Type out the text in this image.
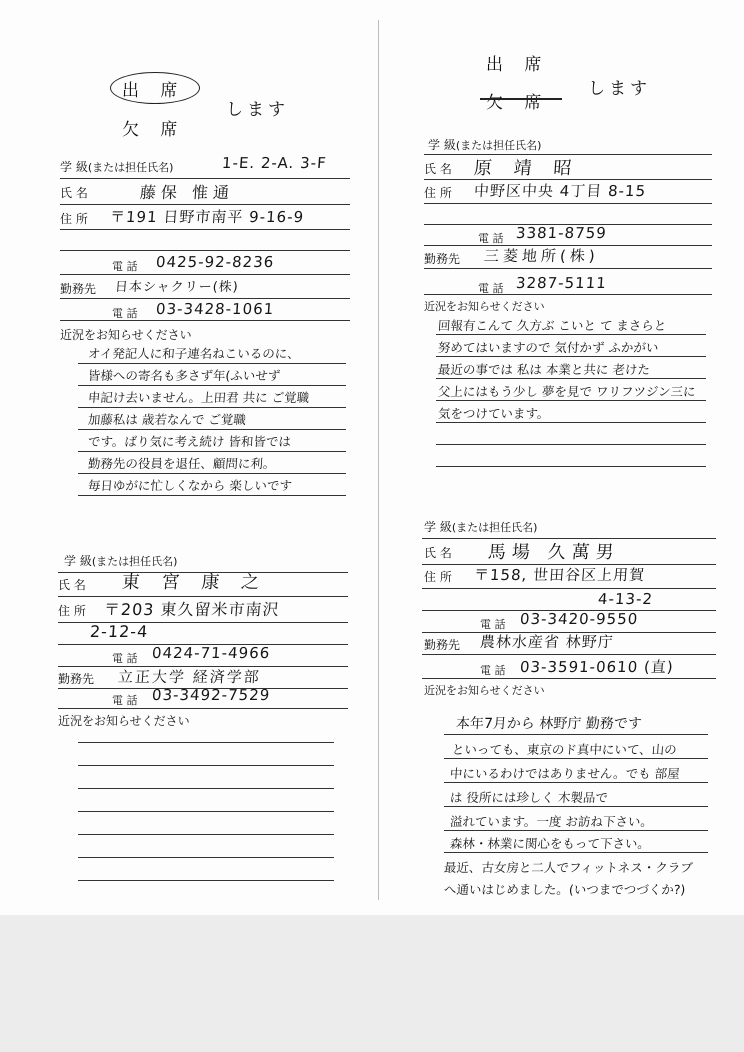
出 席
欠 席
します
学 級(または担任氏名)	1-E. 2-A. 3-F
氏 名	藤保 惟通
住 所 〒191 日野市南平 9-16-9
電 話 0425-92-8236
勤務先 日本シャクリー(株)
電 話 03-3428-1061
近況をお知らせください
オイ発記人に和子連名ねこいるのに、
皆様への寄名も多さず年(ふいせず
申記け去いません。上田君 共に ご覚職
加藤私は 歳若なんで ご覚職
です。ばり気に考え続け 皆和皆では
勤務先の役員を退任、顧問に利。
毎日ゆがに忙しくなから 楽しいです
学 級(または担任氏名)
氏 名 東 宮 康 之
住 所 〒203 東久留米市南沢
2-12-4
電 話 0424-71-4966
勤務先 立正大学 経済学部
電 話 03-3492-7529
近況をお知らせください
出 席
欠 席
します
学 級(または担任氏名)
氏 名 原 靖 昭
住 所 中野区中央 4丁目 8-15
電 話 3381-8759
勤務先 三菱地所(株)
電 話 3287-5111
近況をお知らせください
回報有こんて 久方ぶ こいと て まさらと
努めてはいますので 気付かず ふかがい
最近の事では 私は 本業と共に 老けた
父上にはもう少し 夢を見で ワリフツジン三に
気をつけています。
学 級(または担任氏名)
氏 名 馬場 久萬男
住 所 〒158, 世田谷区上用賀
4-13-2
電 話 03-3420-9550
勤務先 農林水産省 林野庁
電 話 03-3591-0610 (直)
近況をお知らせください
本年7月から 林野庁 勤務です
といっても、東京のド真中にいて、山の
中にいるわけではありません。でも 部屋
は 役所には珍しく 木製品で
溢れています。一度 お訪ね下さい。
森林・林業に関心をもって下さい。
最近、古女房と二人でフィットネス・クラブ
へ通いはじめました。(いつまでつづくか?)
